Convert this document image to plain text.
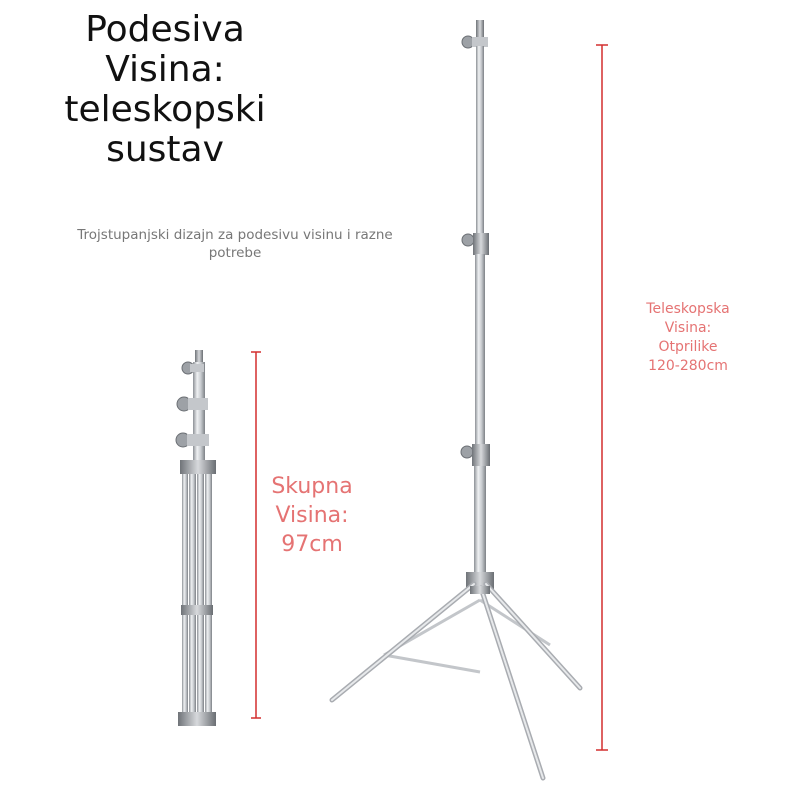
Podesiva
Visina:
teleskopski
sustav
Trojstupanjski dizajn za podesivu visinu i razne potrebe
Skupna
Visina:
97cm
Teleskopska
Visina:
Otprilike
120-280cm
